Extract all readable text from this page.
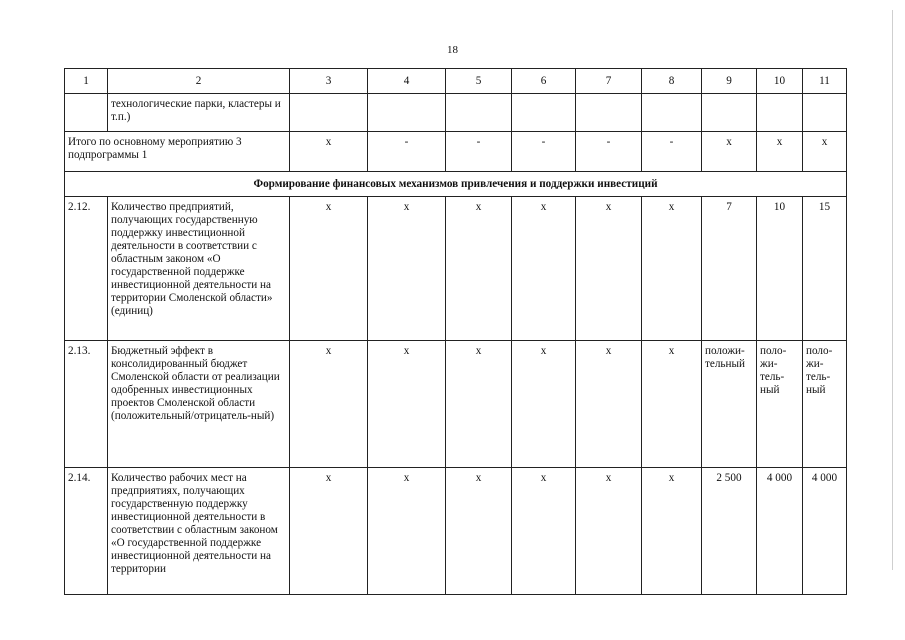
18
1	2	3	4	5	6	7	8	9	10	11
	технологические парки, кластеры и т.п.)									
Итого по основному мероприятию 3 подпрограммы 1		х	-	-	-	-	-	х	х	х
Формирование финансовых механизмов привлечения и поддержки инвестиций										
2.12.	Количество предприятий, получающих государственную поддержку инвестиционной деятельности в соответствии с областным законом «О государственной поддержке инвестиционной деятельности на территории Смоленской области» (единиц)	х	х	х	х	х	х	7	10	15
2.13.	Бюджетный эффект в консолидированный бюджет Смоленской области от реализации одобренных инвестиционных проектов Смоленской области (положительный/отрицатель-ный)	х	х	х	х	х	х	положи-тельный	поло-жи-тель-ный	поло-жи-тель-ный
2.14.	Количество рабочих мест на предприятиях, получающих государственную поддержку инвестиционной деятельности в соответствии с областным законом «О государственной поддержке инвестиционной деятельности на территории	х	х	х	х	х	х	2 500	4 000	4 000
